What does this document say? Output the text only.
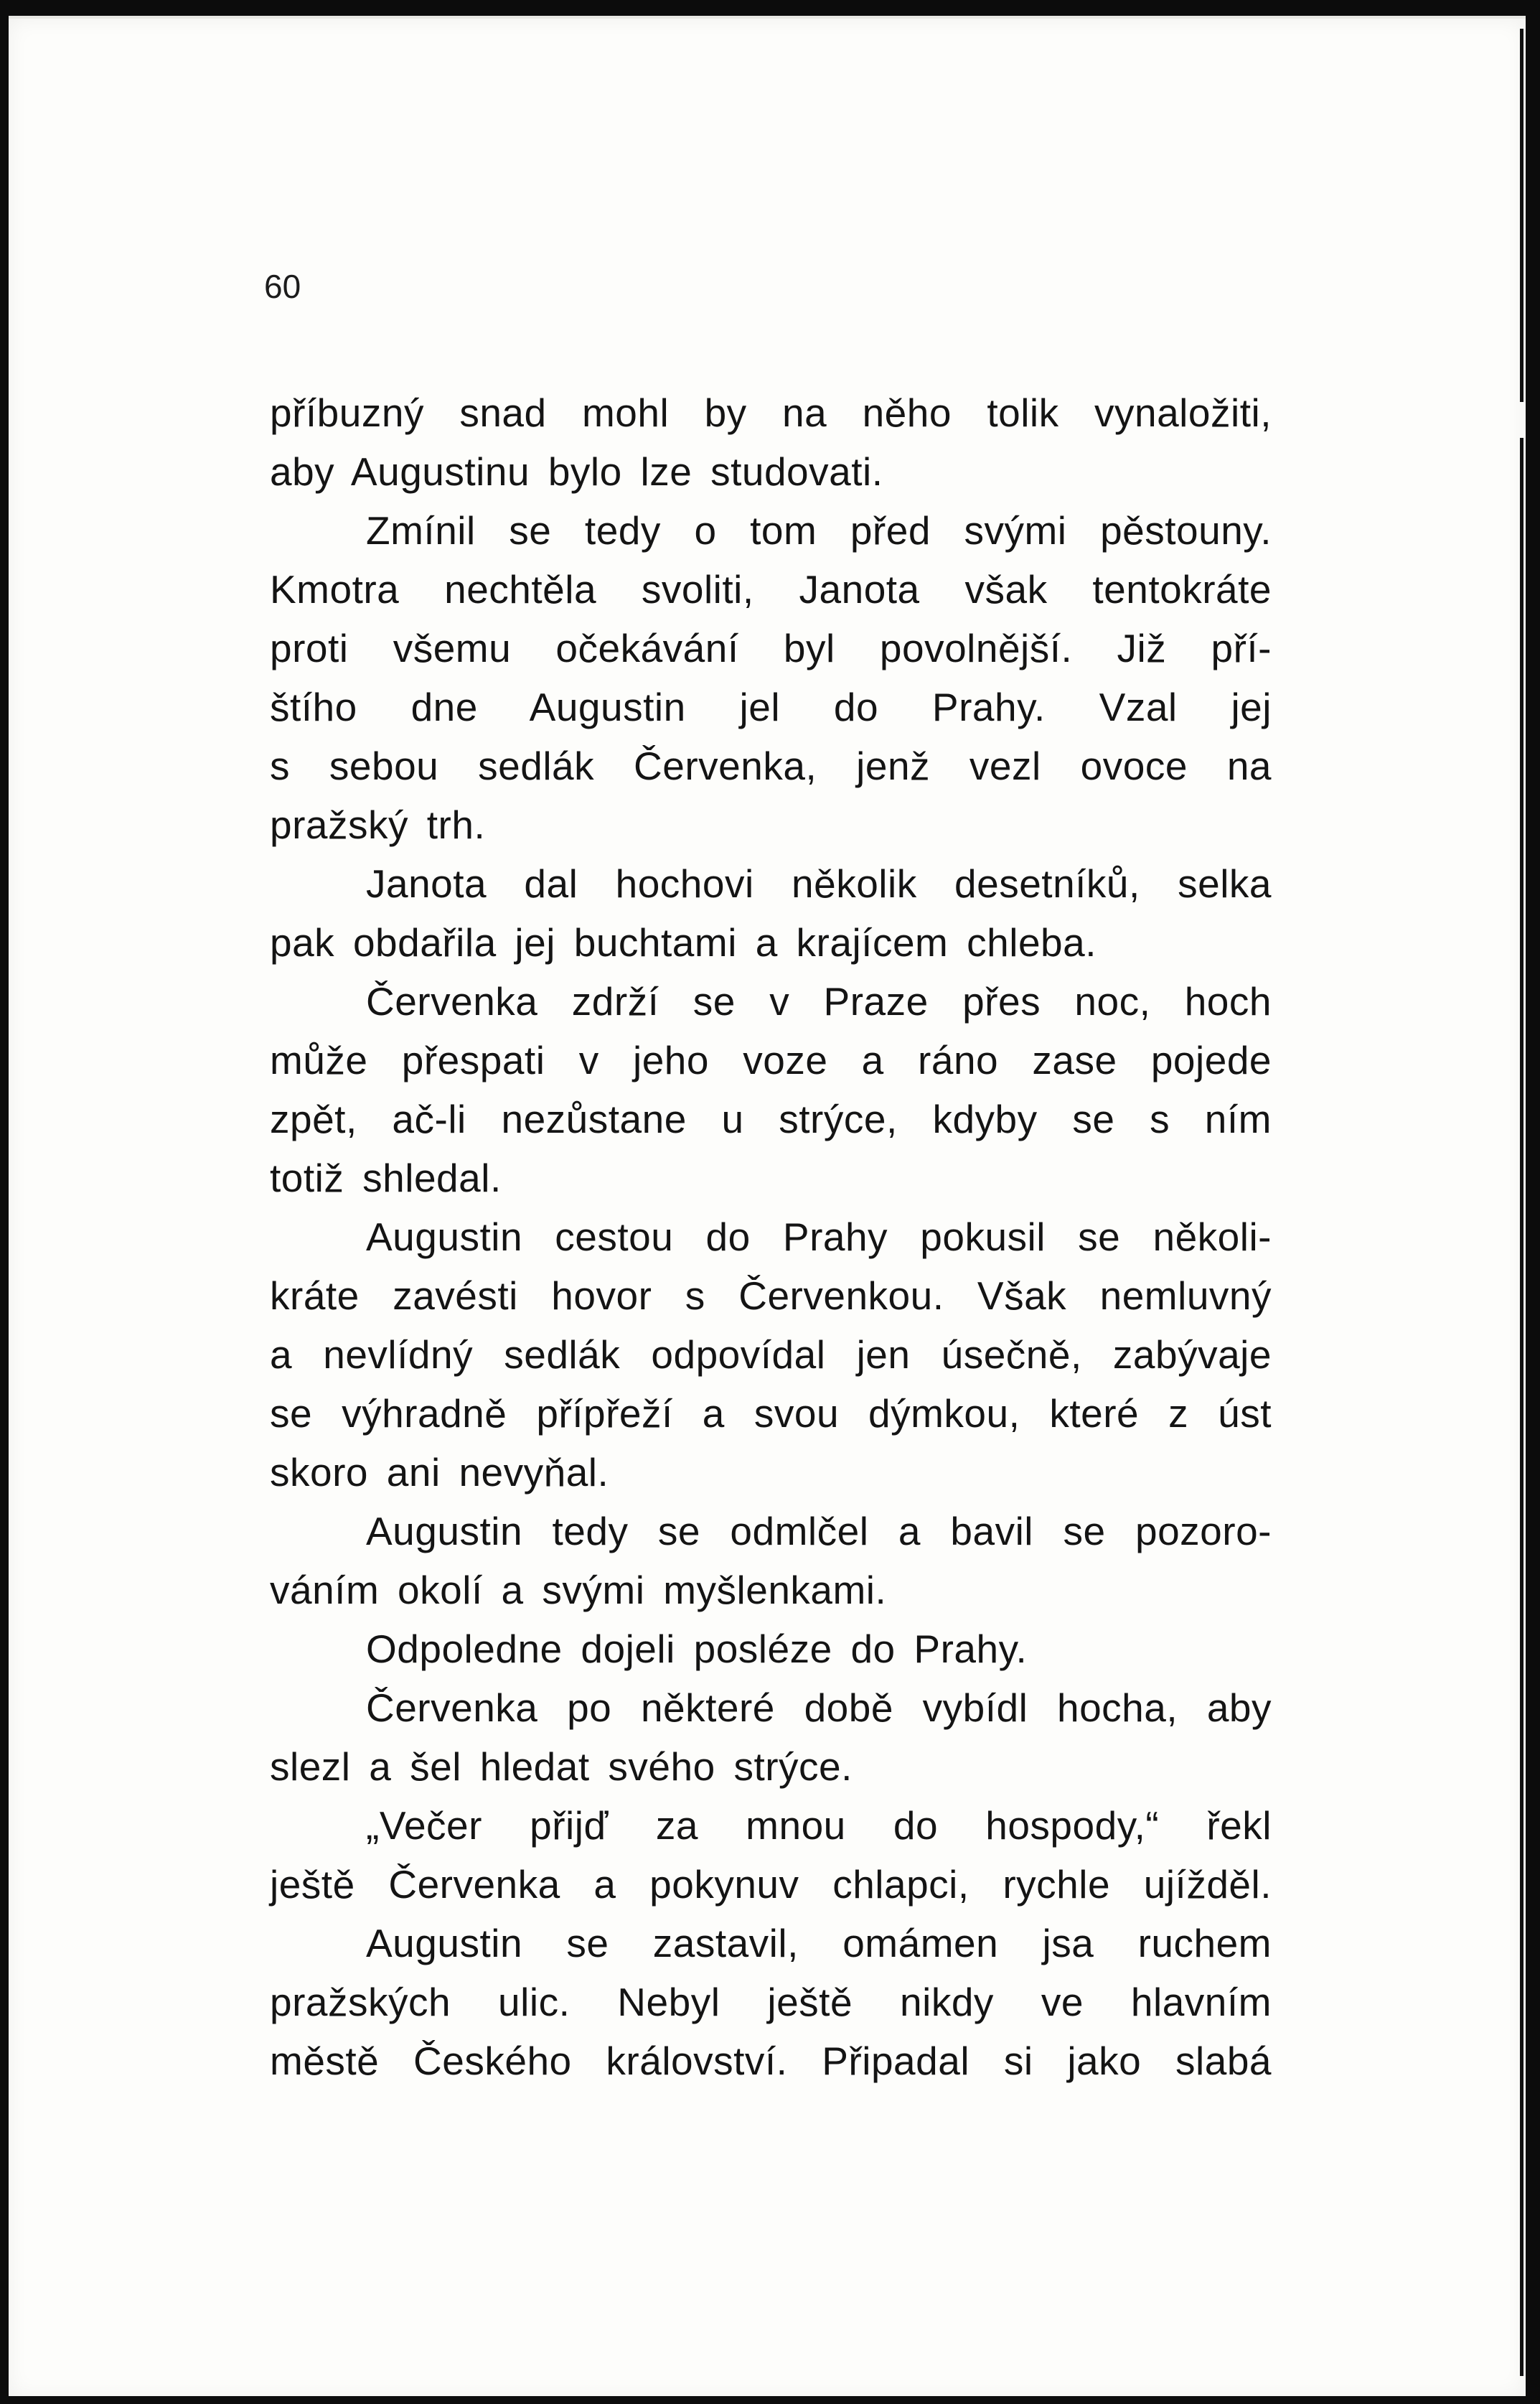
60
příbuzný snad mohl by na něho tolik vynaložiti,
aby Augustinu bylo lze studovati.
Zmínil se tedy o tom před svými pěstouny.
Kmotra nechtěla svoliti, Janota však tentokráte
proti všemu očekávání byl povolnější. Již pří-
štího dne Augustin jel do Prahy. Vzal jej
s sebou sedlák Červenka, jenž vezl ovoce na
pražský trh.
Janota dal hochovi několik desetníků, selka
pak obdařila jej buchtami a krajícem chleba.
Červenka zdrží se v Praze přes noc, hoch
může přespati v jeho voze a ráno zase pojede
zpět, ač-li nezůstane u strýce, kdyby se s ním
totiž shledal.
Augustin cestou do Prahy pokusil se několi-
kráte zavésti hovor s Červenkou. Však nemluvný
a nevlídný sedlák odpovídal jen úsečně, zabývaje
se výhradně přípřeží a svou dýmkou, které z úst
skoro ani nevyňal.
Augustin tedy se odmlčel a bavil se pozoro-
váním okolí a svými myšlenkami.
Odpoledne dojeli posléze do Prahy.
Červenka po některé době vybídl hocha, aby
slezl a šel hledat svého strýce.
„Večer přijď za mnou do hospody,“ řekl
ještě Červenka a pokynuv chlapci, rychle ujížděl.
Augustin se zastavil, omámen jsa ruchem
pražských ulic. Nebyl ještě nikdy ve hlavním
městě Českého království. Připadal si jako slabá
